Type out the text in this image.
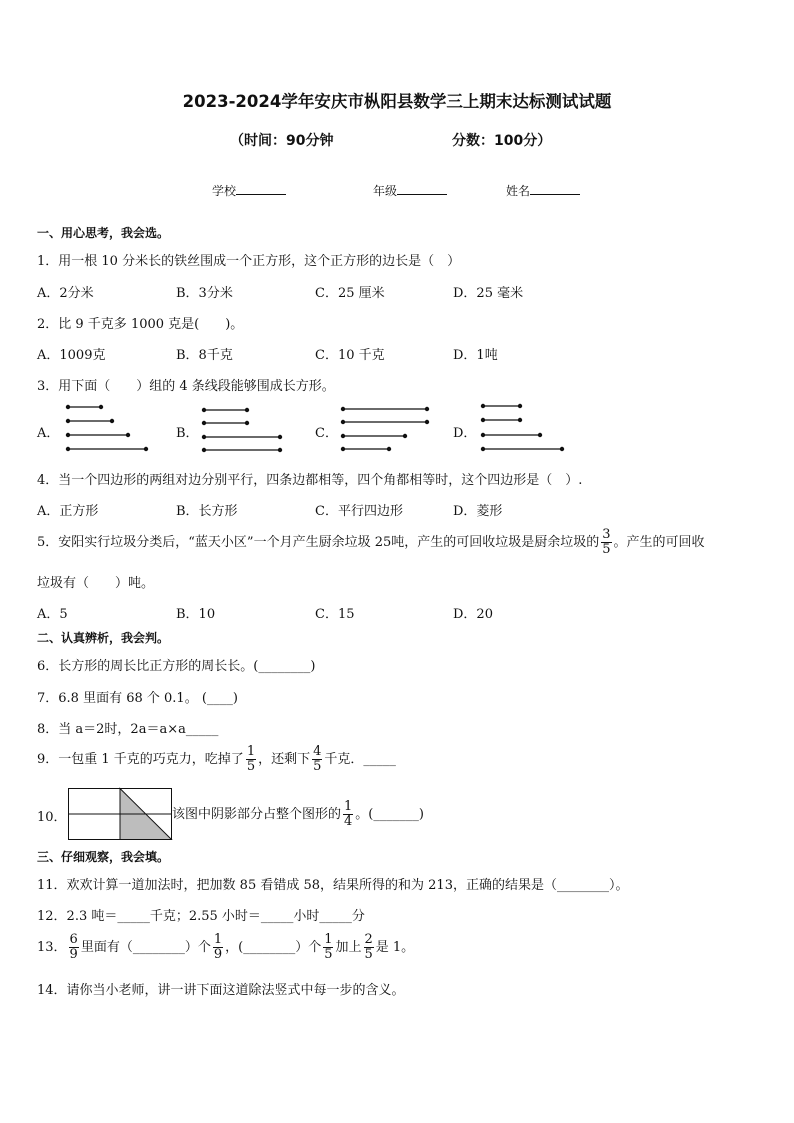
2023-2024学年安庆市枞阳县数学三上期末达标测试试题
（时间：90分钟	分数：100分）
学校	年级	姓名
一、用心思考，我会选。
1．用一根 10 分米长的铁丝围成一个正方形，这个正方形的边长是（　）
A．2分米	B．3分米	C．25 厘米	D．25 毫米
2．比 9 千克多 1000 克是(　　)。
A．1009克	B．8千克	C．10 千克	D．1吨
3．用下面（　　）组的 4 条线段能够围成长方形。
A．	B．	C．	D．
4．当一个四边形的两组对边分别平行，四条边都相等，四个角都相等时，这个四边形是（　）.
A．正方形	B．长方形	C．平行四边形	D．菱形
5．安阳实行垃圾分类后，“蓝天小区”一个月产生厨余垃圾 25吨，产生的可回收垃圾是厨余垃圾的 $\frac{3}{5}$ 。产生的可回收
垃圾有（　　）吨。
A．5	B．10	C．15	D．20
二、认真辨析，我会判。
6．长方形的周长比正方形的周长长。(________)
7．6.8 里面有 68 个 0.1。 (____)
8．当 a＝2时，2a＝a×a_____
9．一包重 1 千克的巧克力，吃掉了 $\frac{1}{5}$ ，还剩下 $\frac{4}{5}$ 千克．_____
10．	该图中阴影部分占整个图形的 $\frac{1}{4}$ 。(_______)
三、仔细观察，我会填。
11．欢欢计算一道加法时，把加数 85 看错成 58，结果所得的和为 213，正确的结果是（________）。
12．2.3 吨＝_____千克；2.55 小时＝_____小时_____分
13． $\frac{6}{9}$ 里面有（________）个 $\frac{1}{9}$ ，(________）个 $\frac{1}{5}$ 加上 $\frac{2}{5}$ 是 1。
14．请你当小老师，讲一讲下面这道除法竖式中每一步的含义。
